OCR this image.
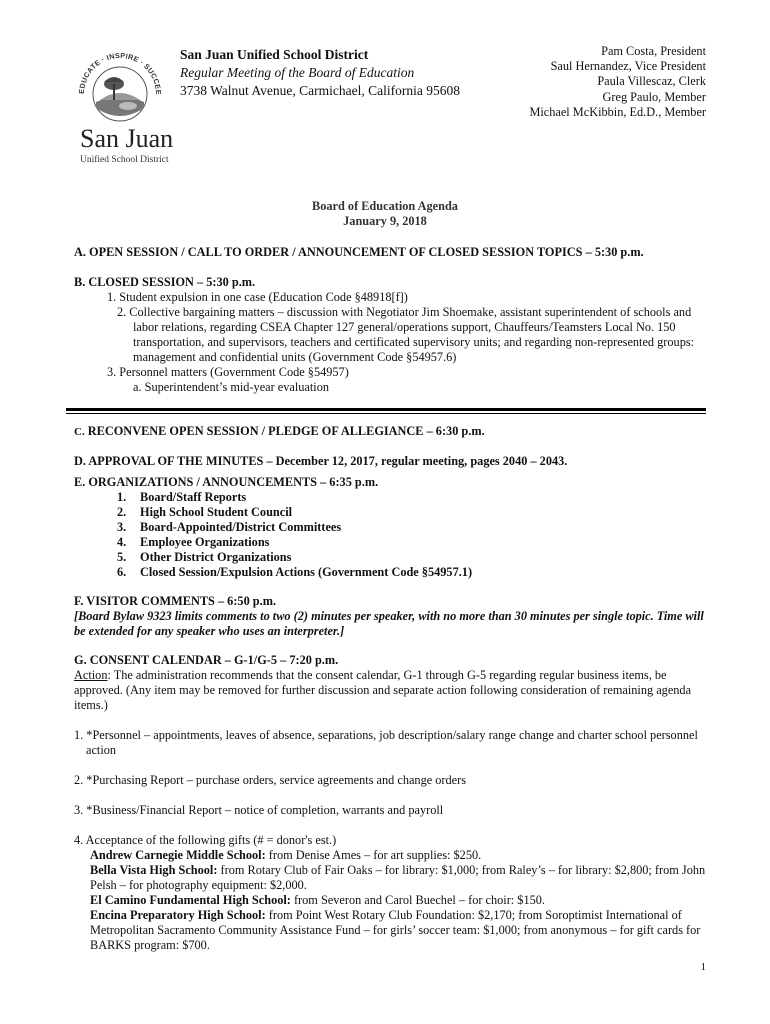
EDUCATE · INSPIRE · SUCCEE
San Juan
Unified School District
San Juan Unified School District
Regular Meeting of the Board of Education
3738 Walnut Avenue, Carmichael, California 95608
Pam Costa, President
Saul Hernandez, Vice President
Paula Villescaz, Clerk
Greg Paulo, Member
Michael McKibbin, Ed.D., Member
Board of Education Agenda
January 9, 2018

A. OPEN SESSION / CALL TO ORDER / ANNOUNCEMENT OF CLOSED SESSION TOPICS – 5:30 p.m.

B. CLOSED SESSION – 5:30 p.m.

1. Student expulsion in one case (Education Code §48918[f])
2. Collective bargaining matters – discussion with Negotiator Jim Shoemake, assistant superintendent of schools and labor relations, regarding CSEA Chapter 127 general/operations support, Chauffeurs/Teamsters Local No. 150 transportation, and supervisors, teachers and certificated supervisory units; and regarding non-represented groups: management and confidential units (Government Code §54957.6)
3. Personnel matters (Government Code §54957)
a. Superintendent’s mid-year evaluation
C. RECONVENE OPEN SESSION / PLEDGE OF ALLEGIANCE – 6:30 p.m.
D. APPROVAL OF THE MINUTES – December 12, 2017, regular meeting, pages 2040 – 2043.
E. ORGANIZATIONS / ANNOUNCEMENTS – 6:35 p.m.
1. Board/Staff Reports
2. High School Student Council
3. Board-Appointed/District Committees
4. Employee Organizations
5. Other District Organizations
6. Closed Session/Expulsion Actions (Government Code §54957.1)
F. VISITOR COMMENTS – 6:50 p.m.
[Board Bylaw 9323 limits comments to two (2) minutes per speaker, with no more than 30 minutes per single topic. Time will be extended for any speaker who uses an interpreter.]
G. CONSENT CALENDAR – G-1/G-5 – 7:20 p.m.
Action: The administration recommends that the consent calendar, G-1 through G-5 regarding regular business items, be approved. (Any item may be removed for further discussion and separate action following consideration of remaining agenda items.)
1. *Personnel – appointments, leaves of absence, separations, job description/salary range change and charter school personnel action
2. *Purchasing Report – purchase orders, service agreements and change orders
3. *Business/Financial Report – notice of completion, warrants and payroll
4. Acceptance of the following gifts (# = donor's est.)
Andrew Carnegie Middle School: from Denise Ames – for art supplies: $250.
Bella Vista High School: from Rotary Club of Fair Oaks – for library: $1,000; from Raley’s – for library: $2,800; from John Pelsh – for photography equipment: $2,000.
El Camino Fundamental High School: from Severon and Carol Buechel – for choir: $150.
Encina Preparatory High School: from Point West Rotary Club Foundation: $2,170; from Soroptimist International of Metropolitan Sacramento Community Assistance Fund – for girls’ soccer team: $1,000; from anonymous – for gift cards for BARKS program: $700.
1
